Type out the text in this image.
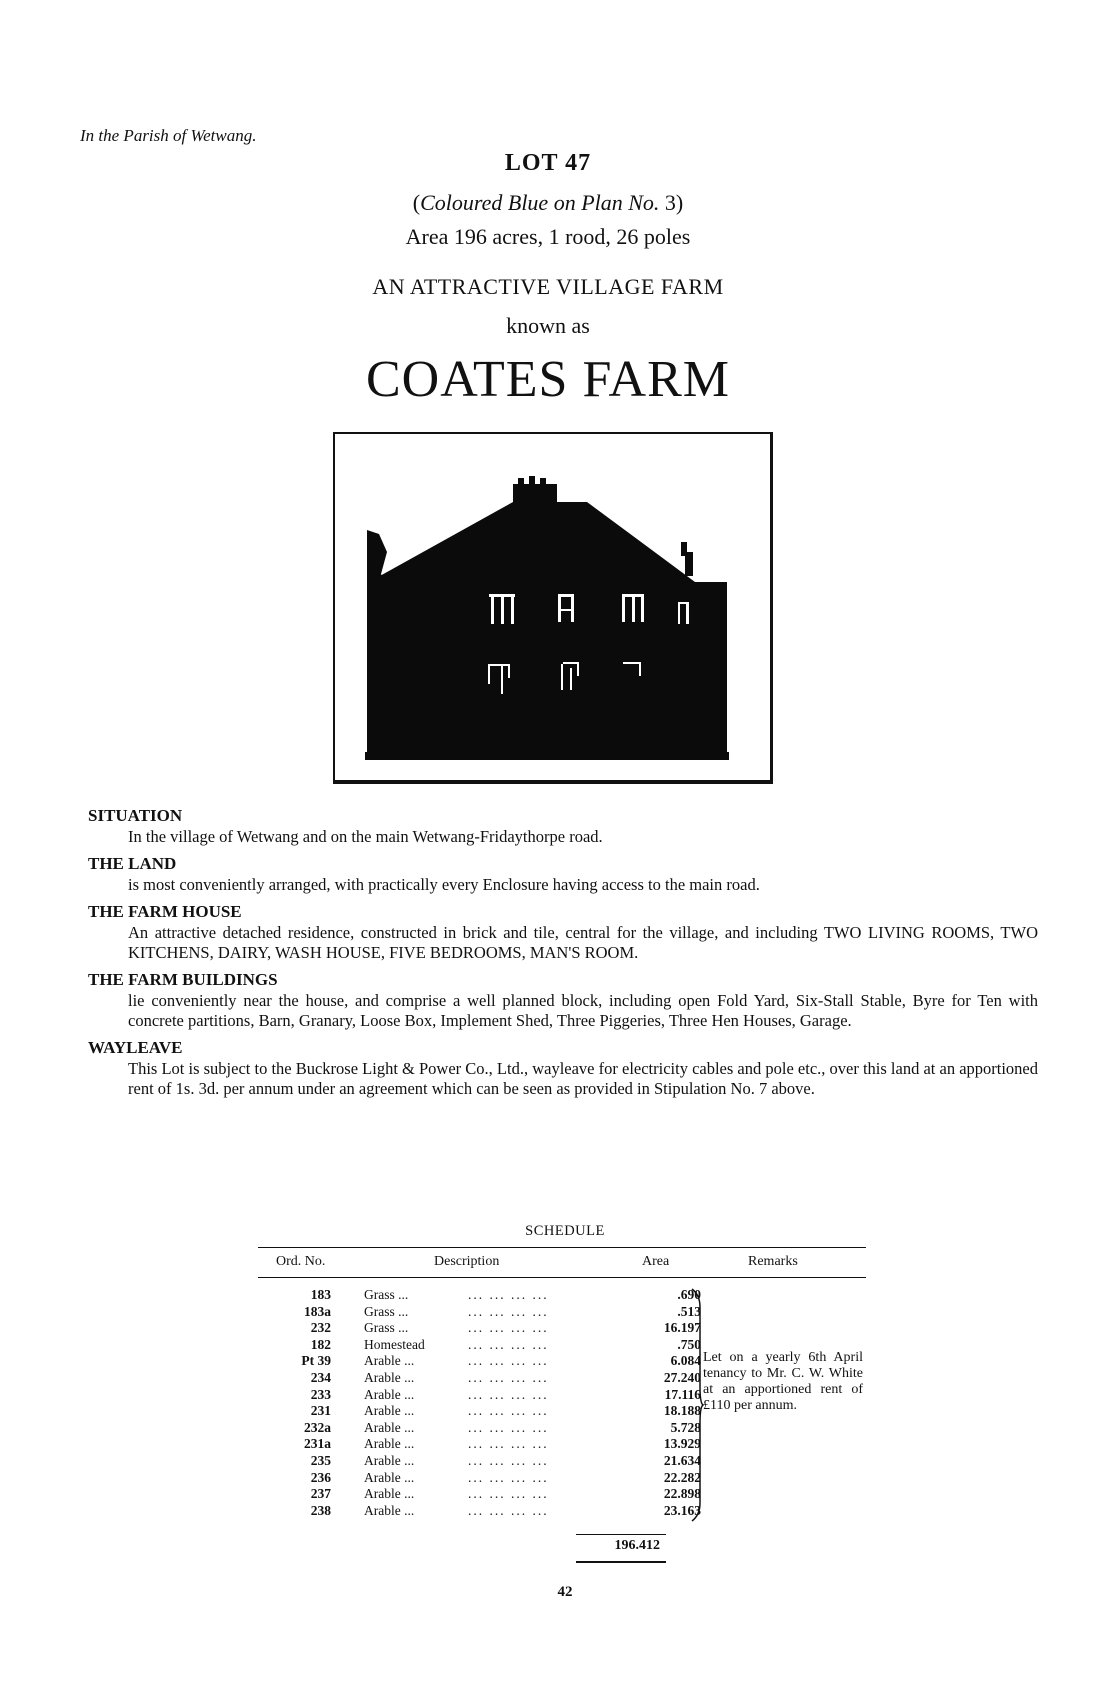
In the Parish of Wetwang.
LOT 47
(Coloured Blue on Plan No. 3)
Area 196 acres, 1 rood, 26 poles
AN ATTRACTIVE VILLAGE FARM
known as
COATES FARM

SITUATION

In the village of Wetwang and on the main Wetwang-Fridaythorpe road.

THE LAND

is most conveniently arranged, with practically every Enclosure having access to the main road.

THE FARM HOUSE

An attractive detached residence, constructed in brick and tile, central for the village, and including TWO LIVING ROOMS, TWO KITCHENS, DAIRY, WASH HOUSE, FIVE BEDROOMS, MAN'S ROOM.

THE FARM BUILDINGS

lie conveniently near the house, and comprise a well planned block, including open Fold Yard, Six-Stall Stable, Byre for Ten with concrete partitions, Barn, Granary, Loose Box, Implement Shed, Three Piggeries, Three Hen Houses, Garage.

WAYLEAVE

This Lot is subject to the Buckrose Light & Power Co., Ltd., wayleave for electricity cables and pole etc., over this land at an apportioned rent of 1s. 3d. per annum under an agreement which can be seen as provided in Stipulation No. 7 above.

SCHEDULE
Ord. No.	Description	Area	Remarks
183 Grass ...	... ... ... ...	.690
183a Grass ...	... ... ... ...	.513
232 Grass ...	... ... ... ...	16.197
182 Homestead	... ... ... ...	.750
Pt 39 Arable ...	... ... ... ...	6.084
234 Arable ...	... ... ... ...	27.240
233 Arable ...	... ... ... ...	17.116
231 Arable ...	... ... ... ...	18.188
232a Arable ...	... ... ... ...	5.728
231a Arable ...	... ... ... ...	13.929
235 Arable ...	... ... ... ...	21.634
236 Arable ...	... ... ... ...	22.282
237 Arable ...	... ... ... ...	22.898
238 Arable ...	... ... ... ...	23.163
Let on a yearly 6th April tenancy to Mr. C. W. White at an apportioned rent of £110 per annum.
196.412
42
